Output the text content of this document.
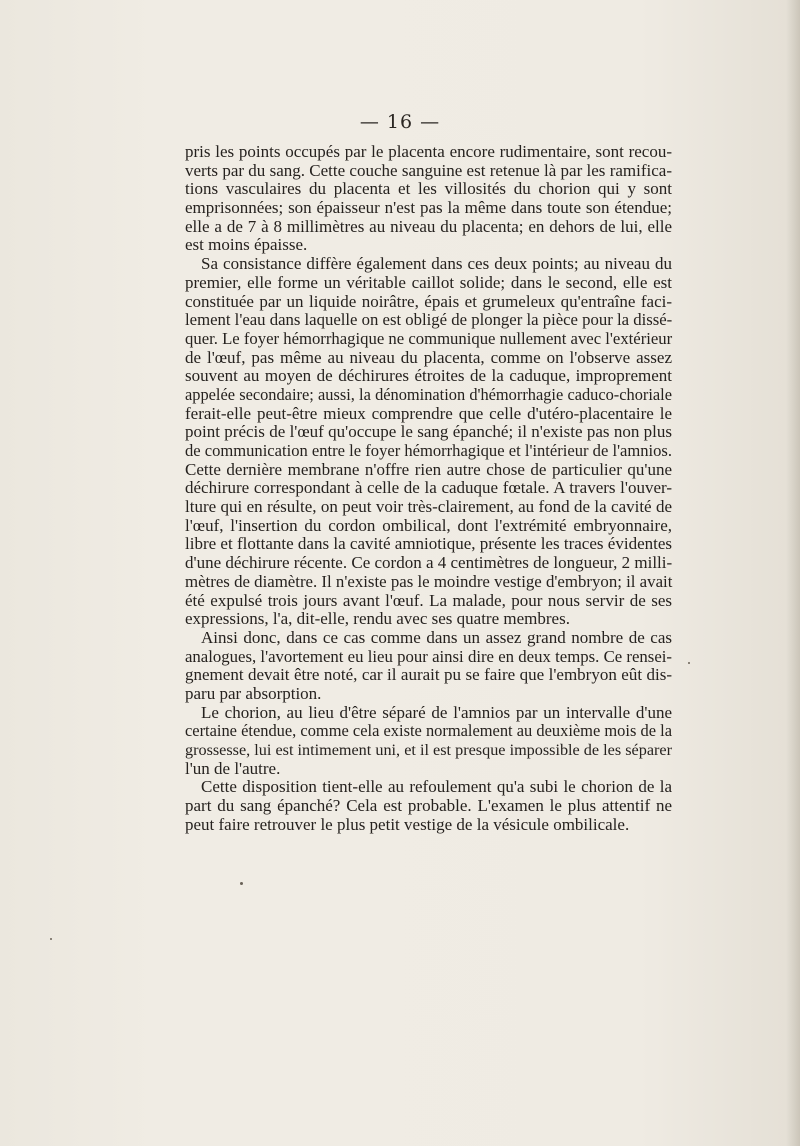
— 16 —
pris les points occupés par le placenta encore rudimentaire, sont recou-
verts par du sang. Cette couche sanguine est retenue là par les ramifica-
tions vasculaires du placenta et les villosités du chorion qui y sont
emprisonnées; son épaisseur n'est pas la même dans toute son étendue;
elle a de 7 à 8 millimètres au niveau du placenta; en dehors de lui, elle
est moins épaisse.
Sa consistance diffère également dans ces deux points; au niveau du
premier, elle forme un véritable caillot solide; dans le second, elle est
constituée par un liquide noirâtre, épais et grumeleux qu'entraîne faci-
lement l'eau dans laquelle on est obligé de plonger la pièce pour la dissé-
quer. Le foyer hémorrhagique ne communique nullement avec l'extérieur
de l'œuf, pas même au niveau du placenta, comme on l'observe assez
souvent au moyen de déchirures étroites de la caduque, improprement
appelée secondaire; aussi, la dénomination d'hémorrhagie caduco-choriale
ferait-elle peut-être mieux comprendre que celle d'utéro-placentaire le
point précis de l'œuf qu'occupe le sang épanché; il n'existe pas non plus
de communication entre le foyer hémorrhagique et l'intérieur de l'amnios.
Cette dernière membrane n'offre rien autre chose de particulier qu'une
déchirure correspondant à celle de la caduque fœtale. A travers l'ouver-
lture qui en résulte, on peut voir très-clairement, au fond de la cavité de
l'œuf, l'insertion du cordon ombilical, dont l'extrémité embryonnaire,
libre et flottante dans la cavité amniotique, présente les traces évidentes
d'une déchirure récente. Ce cordon a 4 centimètres de longueur, 2 milli-
mètres de diamètre. Il n'existe pas le moindre vestige d'embryon; il avait
été expulsé trois jours avant l'œuf. La malade, pour nous servir de ses
expressions, l'a, dit-elle, rendu avec ses quatre membres.
Ainsi donc, dans ce cas comme dans un assez grand nombre de cas
analogues, l'avortement eu lieu pour ainsi dire en deux temps. Ce rensei-
gnement devait être noté, car il aurait pu se faire que l'embryon eût dis-
paru par absorption.
Le chorion, au lieu d'être séparé de l'amnios par un intervalle d'une
certaine étendue, comme cela existe normalement au deuxième mois de la
grossesse, lui est intimement uni, et il est presque impossible de les séparer
l'un de l'autre.
Cette disposition tient-elle au refoulement qu'a subi le chorion de la
part du sang épanché? Cela est probable. L'examen le plus attentif ne
peut faire retrouver le plus petit vestige de la vésicule ombilicale.
